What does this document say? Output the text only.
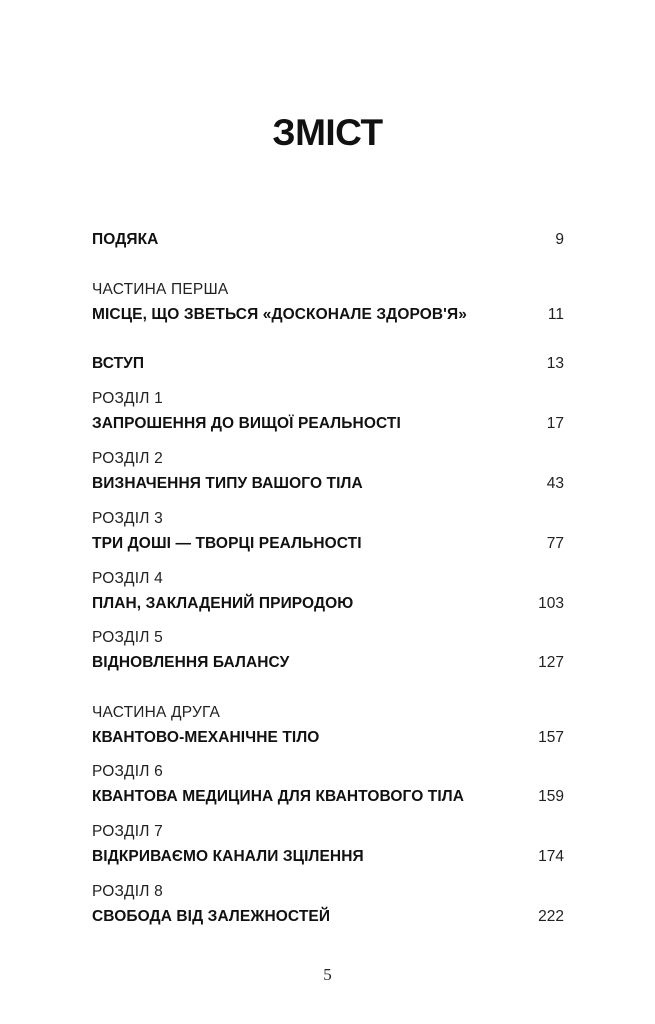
ЗМІСТ
ПОДЯКА	9
ЧАСТИНА ПЕРША
МІСЦЕ, ЩО ЗВЕТЬСЯ «ДОСКОНАЛЕ ЗДОРОВ'Я»	11
ВСТУП	13
РОЗДІЛ 1
ЗАПРОШЕННЯ ДО ВИЩОЇ РЕАЛЬНОСТІ	17
РОЗДІЛ 2
ВИЗНАЧЕННЯ ТИПУ ВАШОГО ТІЛА	43
РОЗДІЛ 3
ТРИ ДОШІ — ТВОРЦІ РЕАЛЬНОСТІ	77
РОЗДІЛ 4
ПЛАН, ЗАКЛАДЕНИЙ ПРИРОДОЮ	103
РОЗДІЛ 5
ВІДНОВЛЕННЯ БАЛАНСУ	127
ЧАСТИНА ДРУГА
КВАНТОВО-МЕХАНІЧНЕ ТІЛО	157
РОЗДІЛ 6
КВАНТОВА МЕДИЦИНА ДЛЯ КВАНТОВОГО ТІЛА	159
РОЗДІЛ 7
ВІДКРИВАЄМО КАНАЛИ ЗЦІЛЕННЯ	174
РОЗДІЛ 8
СВОБОДА ВІД ЗАЛЕЖНОСТЕЙ	222
5
